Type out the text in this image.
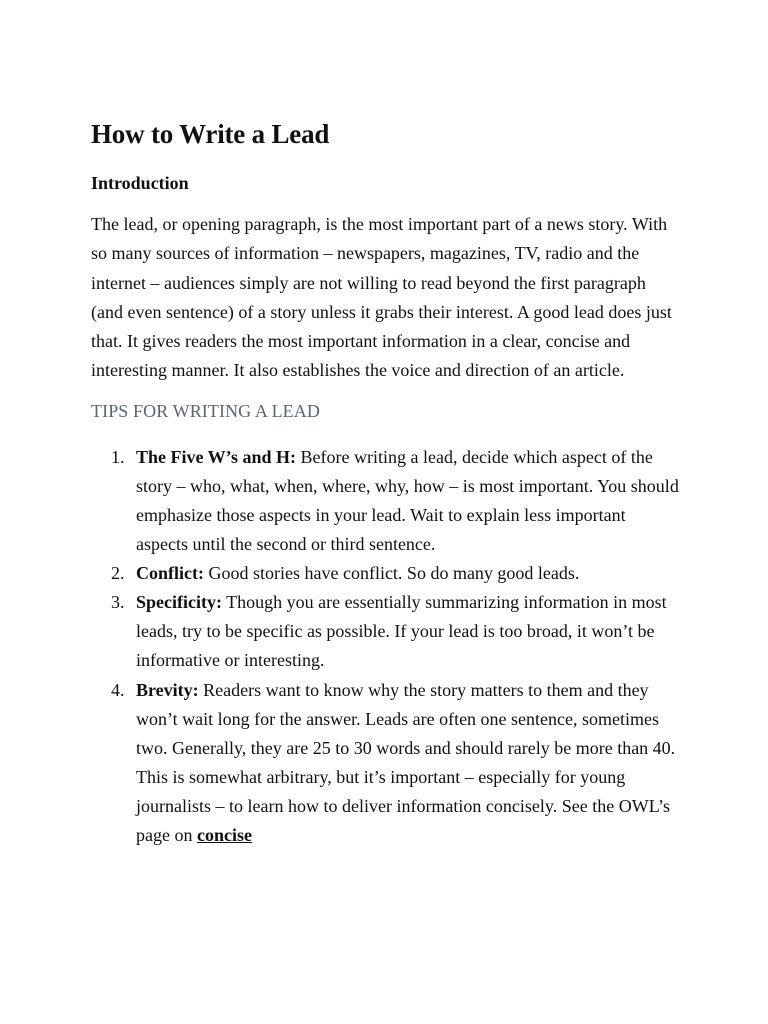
How to Write a Lead

Introduction

The lead, or opening paragraph, is the most important part of a news story. With so many sources of information – newspapers, magazines, TV, radio and the internet – audiences simply are not willing to read beyond the first paragraph (and even sentence) of a story unless it grabs their interest. A good lead does just that. It gives readers the most important information in a clear, concise and interesting manner. It also establishes the voice and direction of an article.

TIPS FOR WRITING A LEAD

1. The Five W’s and H: Before writing a lead, decide which aspect of the story – who, what, when, where, why, how – is most important. You should emphasize those aspects in your lead. Wait to explain less important aspects until the second or third sentence.
2. Conflict: Good stories have conflict. So do many good leads.
3. Specificity: Though you are essentially summarizing information in most leads, try to be specific as possible. If your lead is too broad, it won’t be informative or interesting.
4. Brevity: Readers want to know why the story matters to them and they won’t wait long for the answer. Leads are often one sentence, sometimes two. Generally, they are 25 to 30 words and should rarely be more than 40. This is somewhat arbitrary, but it’s important – especially for young journalists – to learn how to deliver information concisely. See the OWL’s page on concise
